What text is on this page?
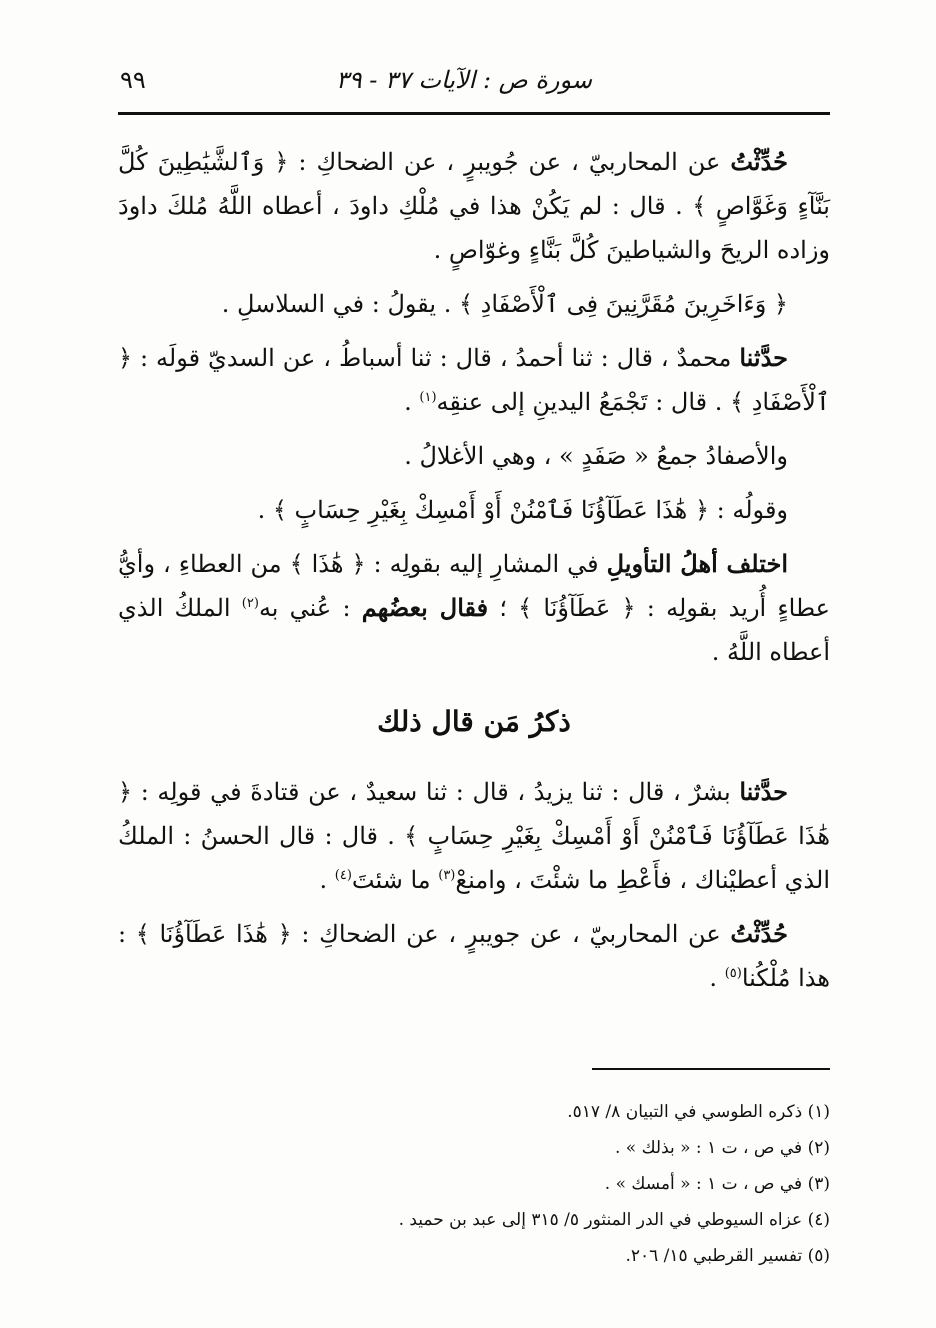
سورة ص : الآيات ٣٧ - ٣٩
٩٩

حُدِّثْتُ عن المحاربيّ ، عن جُويبرٍ ، عن الضحاكِ : ﴿ وَٱلشَّيَٰطِينَ كُلَّ بَنَّآءٍ وَغَوَّاصٍ ﴾ . قال : لم يَكُنْ هذا في مُلْكِ داودَ ، أعطاه اللَّهُ مُلكَ داودَ وزاده الريحَ والشياطينَ كُلَّ بَنَّاءٍ وغوّاصٍ .

﴿ وَءَاخَرِينَ مُقَرَّنِينَ فِى ٱلْأَصْفَادِ ﴾ . يقولُ : في السلاسلِ .

حدَّثنا محمدٌ ، قال : ثنا أحمدُ ، قال : ثنا أسباطُ ، عن السديّ قولَه : ﴿ ٱلْأَصْفَادِ ﴾ . قال : تَجْمَعُ اليدينِ إلى عنقِه$^{(١)}$ .

والأصفادُ جمعُ « صَفَدٍ » ، وهي الأغلالُ .

وقولُه : ﴿ هَٰذَا عَطَآؤُنَا فَٱمْنُنْ أَوْ أَمْسِكْ بِغَيْرِ حِسَابٍ ﴾ .

اختلف أهلُ التأويلِ في المشارِ إليه بقولِه : ﴿ هَٰذَا ﴾ من العطاءِ ، وأيُّ عطاءٍ أُريد بقولِه : ﴿ عَطَآؤُنَا ﴾ ؛ فقال بعضُهم : عُني به$^{(٢)}$ الملكُ الذي أعطاه اللَّهُ .

ذكرُ مَن قال ذلك

حدَّثنا بشرٌ ، قال : ثنا يزيدُ ، قال : ثنا سعيدٌ ، عن قتادةَ في قولِه : ﴿ هَٰذَا عَطَآؤُنَا فَٱمْنُنْ أَوْ أَمْسِكْ بِغَيْرِ حِسَابٍ ﴾ . قال : قال الحسنُ : الملكُ الذي أعطيْناك ، فأَعْطِ ما شئْتَ ، وامنعْ$^{(٣)}$ ما شئتَ$^{(٤)}$ .

حُدِّثْتُ عن المحاربيّ ، عن جويبرٍ ، عن الضحاكِ : ﴿ هَٰذَا عَطَآؤُنَا ﴾ : هذا مُلْكُنا$^{(٥)}$ .

(١) ذكره الطوسي في التبيان ٨/ ٥١٧.
(٢) في ص ، ت ١ : « بذلك » .
(٣) في ص ، ت ١ : « أمسك » .
(٤) عزاه السيوطي في الدر المنثور ٥/ ٣١٥ إلى عبد بن حميد .
(٥) تفسير القرطبي ١٥/ ٢٠٦.
